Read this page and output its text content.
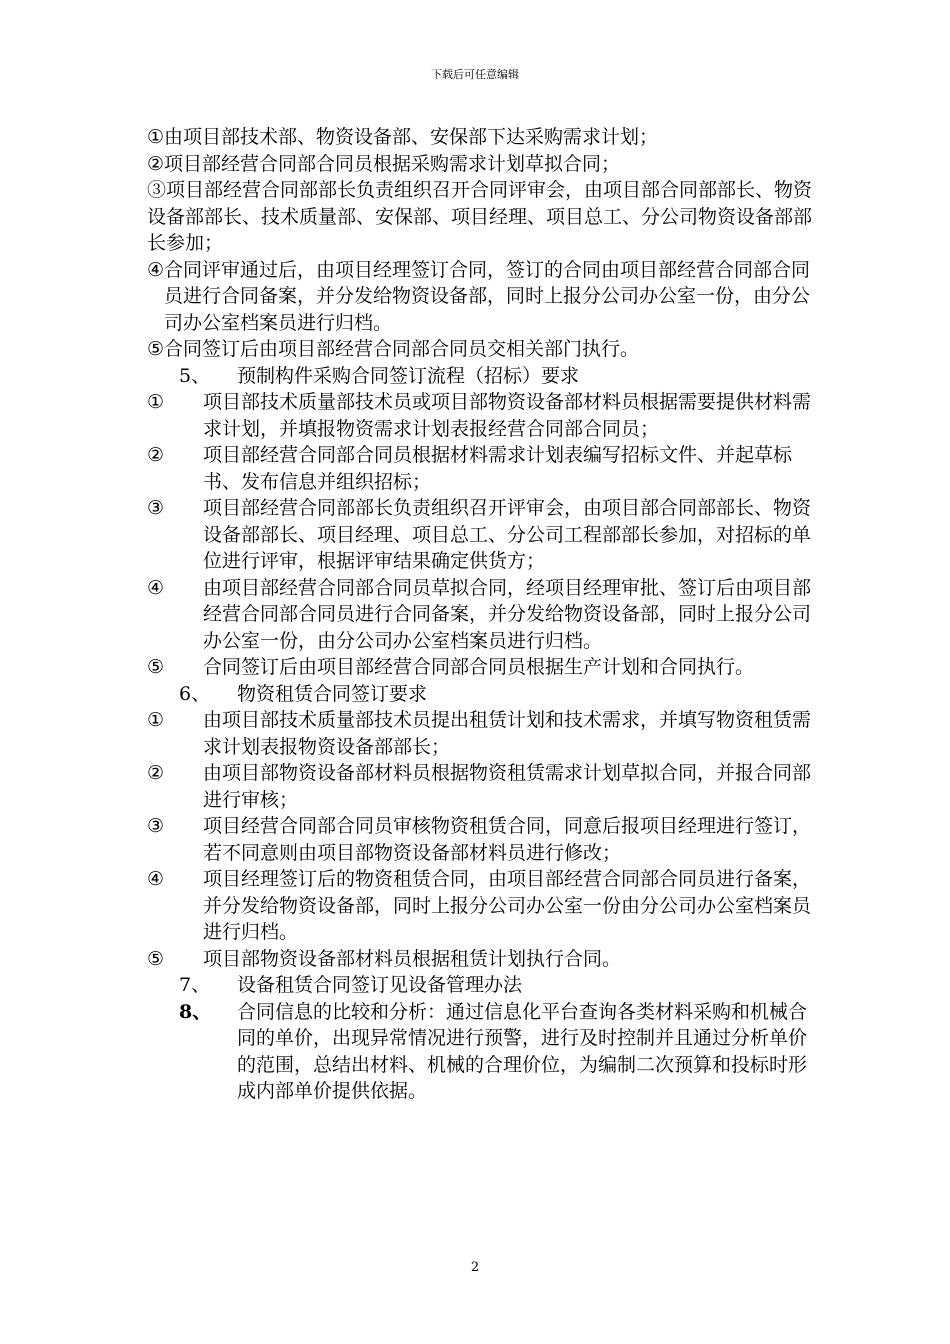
下载后可任意编辑
① 由项目部技术部、物资设备部、安保部下达采购需求计划；
② 项目部经营合同部合同员根据采购需求计划草拟合同；
③项目部经营合同部部长负责组织召开合同评审会，由项目部合同部部长、物资设备部部长、技术质量部、安保部、项目经理、项目总工、分公司物资设备部部长参加；
④ 合同评审通过后，由项目经理签订合同，签订的合同由项目部经营合同部合同员进行合同备案，并分发给物资设备部，同时上报分公司办公室一份，由分公司办公室档案员进行归档。
⑤ 合同签订后由项目部经营合同部合同员交相关部门执行。
5、 预制构件采购合同签订流程（招标）要求
①	项目部技术质量部技术员或项目部物资设备部材料员根据需要提供材料需求计划，并填报物资需求计划表报经营合同部合同员；
②	项目部经营合同部合同员根据材料需求计划表编写招标文件、并起草标书、发布信息并组织招标；
③	项目部经营合同部部长负责组织召开评审会，由项目部合同部部长、物资设备部部长、项目经理、项目总工、分公司工程部部长参加，对招标的单位进行评审，根据评审结果确定供货方；
④	由项目部经营合同部合同员草拟合同，经项目经理审批、签订后由项目部经营合同部合同员进行合同备案，并分发给物资设备部，同时上报分公司办公室一份，由分公司办公室档案员进行归档。
⑤	合同签订后由项目部经营合同部合同员根据生产计划和合同执行。
6、 物资租赁合同签订要求
①	由项目部技术质量部技术员提出租赁计划和技术需求，并填写物资租赁需求计划表报物资设备部部长；
②	由项目部物资设备部材料员根据物资租赁需求计划草拟合同，并报合同部进行审核；
③	项目经营合同部合同员审核物资租赁合同，同意后报项目经理进行签订，若不同意则由项目部物资设备部材料员进行修改；
④	项目经理签订后的物资租赁合同，由项目部经营合同部合同员进行备案，并分发给物资设备部，同时上报分公司办公室一份由分公司办公室档案员进行归档。
⑤	项目部物资设备部材料员根据租赁计划执行合同。
7、 设备租赁合同签订见设备管理办法
8、	合同信息的比较和分析：通过信息化平台查询各类材料采购和机械合同的单价，出现异常情况进行预警，进行及时控制并且通过分析单价的范围，总结出材料、机械的合理价位，为编制二次预算和投标时形成内部单价提供依据。
2
